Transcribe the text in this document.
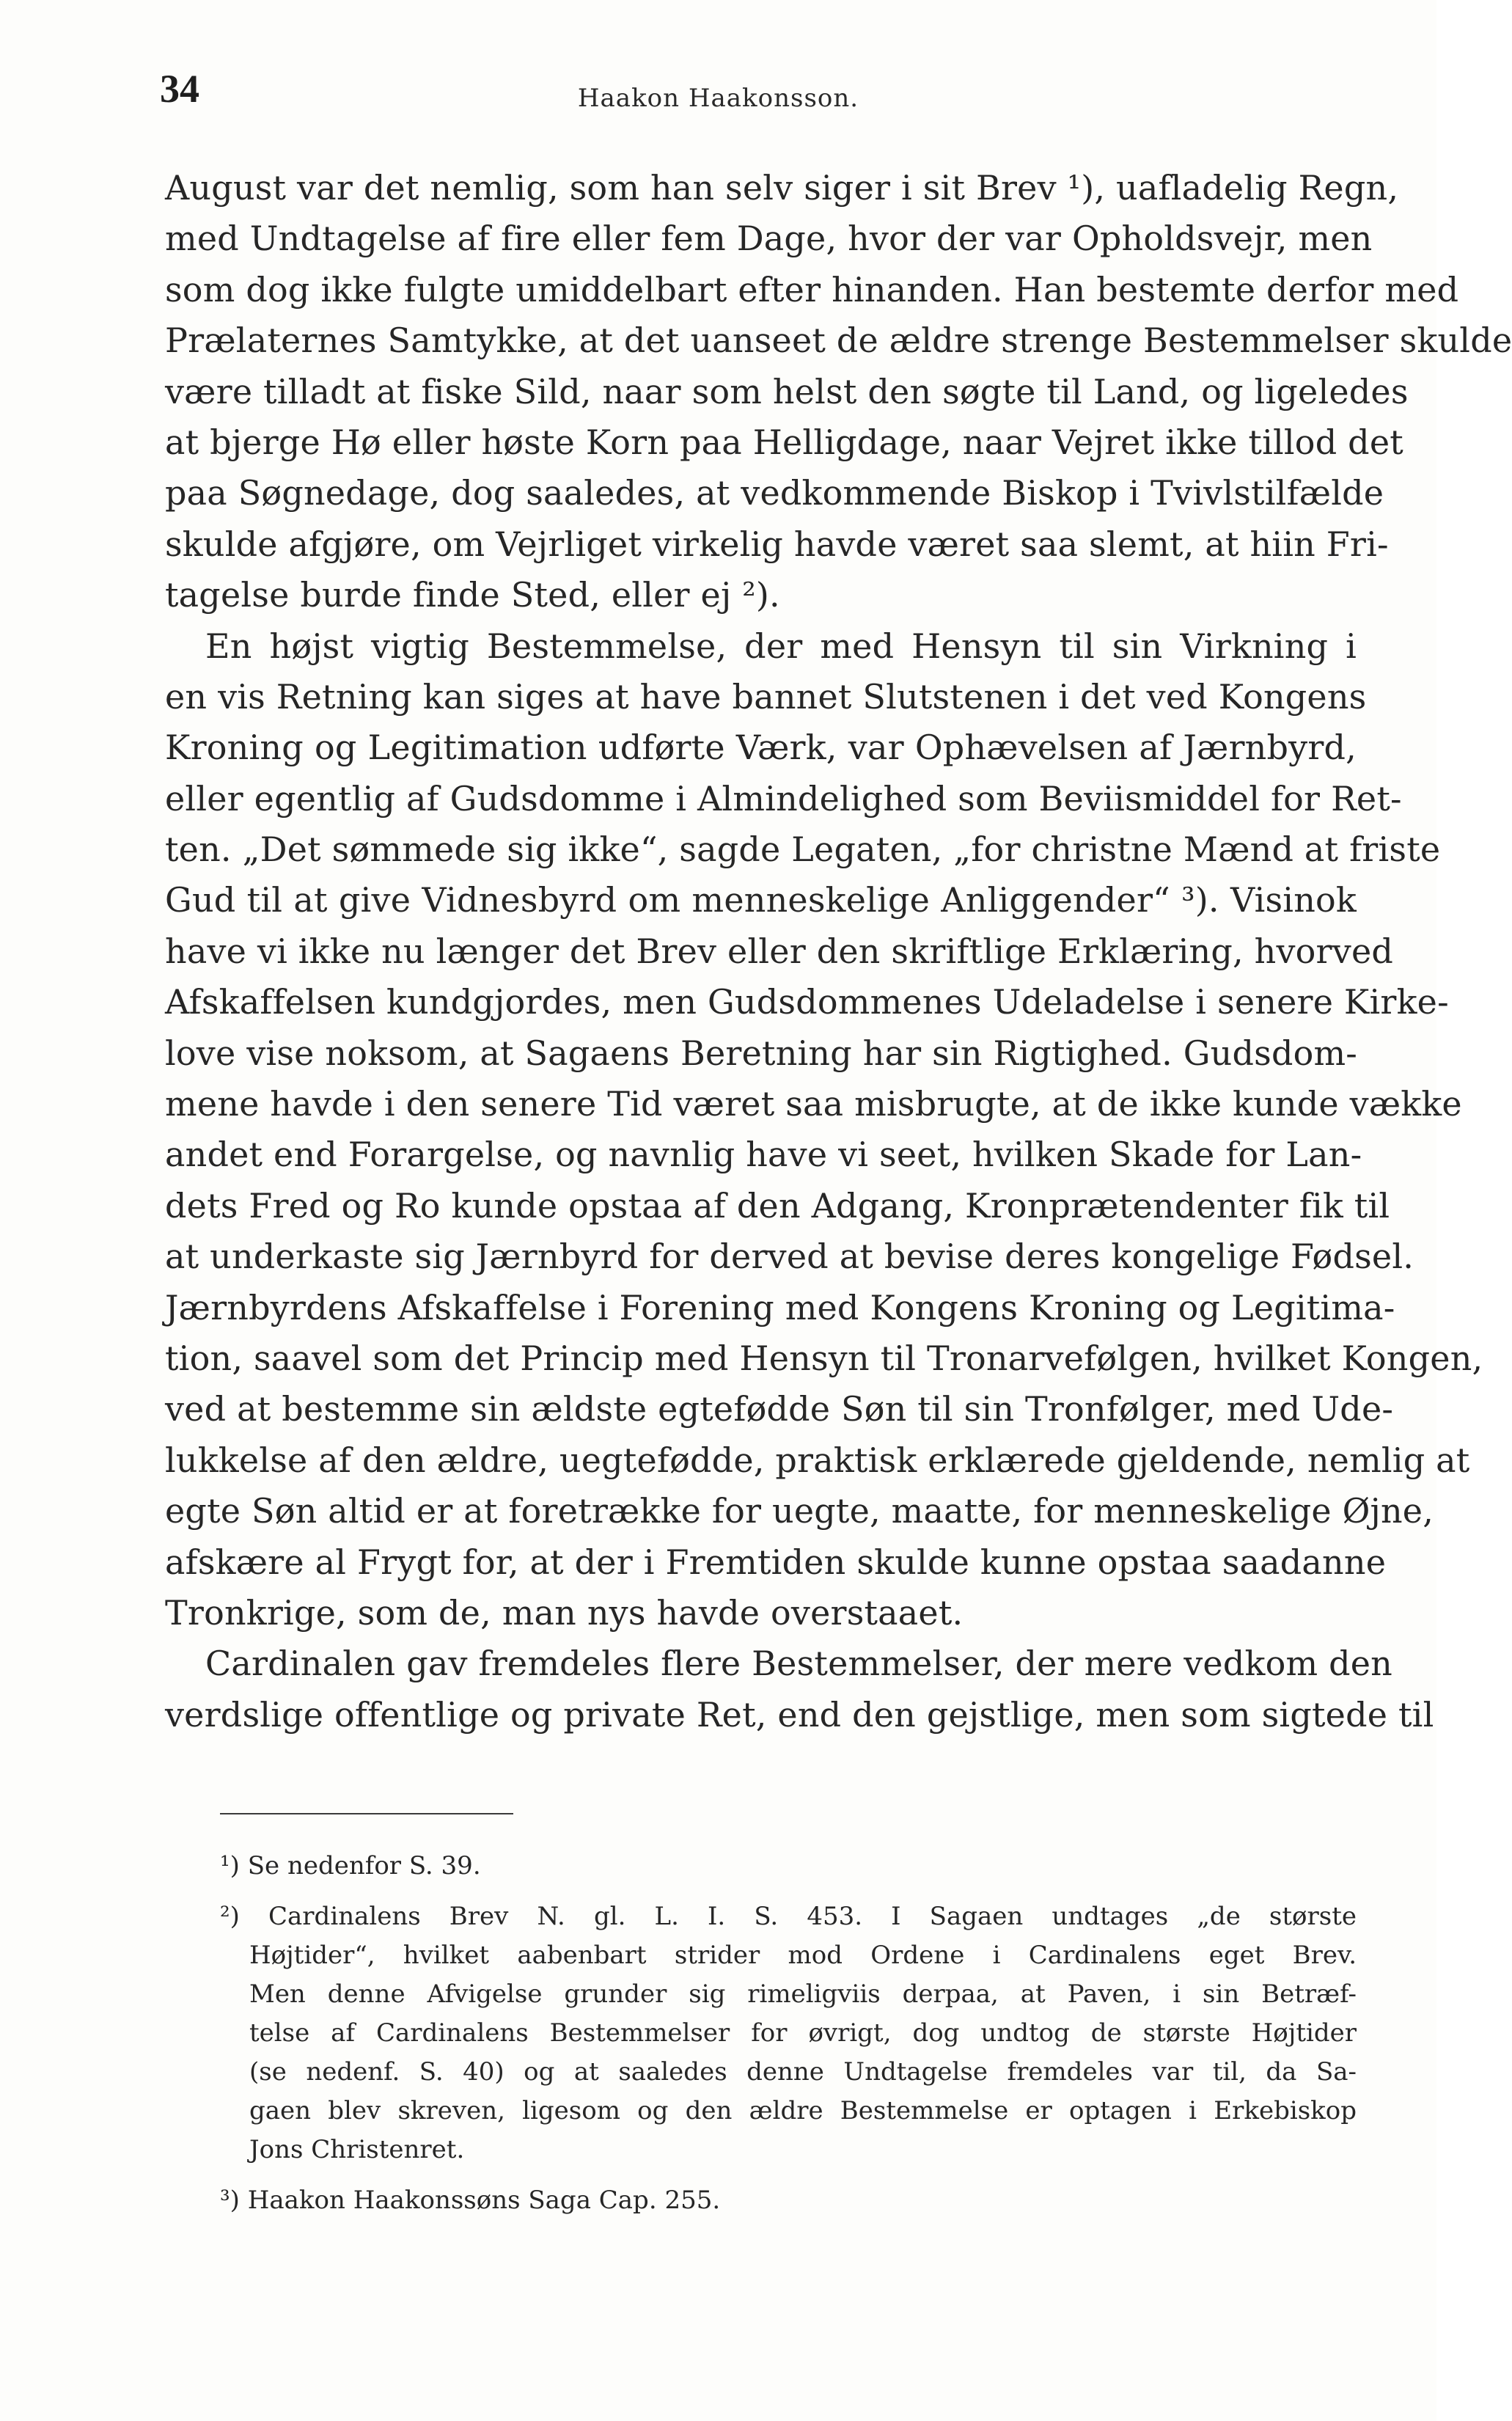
34	Haakon Haakonsson.
August var det nemlig, som han selv siger i sit Brev ¹), uafladelig Regn,
med Undtagelse af fire eller fem Dage, hvor der var Opholdsvejr, men
som dog ikke fulgte umiddelbart efter hinanden. Han bestemte derfor med
Prælaternes Samtykke, at det uanseet de ældre strenge Bestemmelser skulde
være tilladt at fiske Sild, naar som helst den søgte til Land, og ligeledes
at bjerge Hø eller høste Korn paa Helligdage, naar Vejret ikke tillod det
paa Søgnedage, dog saaledes, at vedkommende Biskop i Tvivlstilfælde
skulde afgjøre, om Vejrliget virkelig havde været saa slemt, at hiin Fri-
tagelse burde finde Sted, eller ej ²).
En højst vigtig Bestemmelse, der med Hensyn til sin Virkning i
en vis Retning kan siges at have bannet Slutstenen i det ved Kongens
Kroning og Legitimation udførte Værk, var Ophævelsen af Jærnbyrd,
eller egentlig af Gudsdomme i Almindelighed som Beviismiddel for Ret-
ten. „Det sømmede sig ikke“, sagde Legaten, „for christne Mænd at friste
Gud til at give Vidnesbyrd om menneskelige Anliggender“ ³). Visinok
have vi ikke nu længer det Brev eller den skriftlige Erklæring, hvorved
Afskaffelsen kundgjordes, men Gudsdommenes Udeladelse i senere Kirke-
love vise noksom, at Sagaens Beretning har sin Rigtighed. Gudsdom-
mene havde i den senere Tid været saa misbrugte, at de ikke kunde vække
andet end Forargelse, og navnlig have vi seet, hvilken Skade for Lan-
dets Fred og Ro kunde opstaa af den Adgang, Kronprætendenter fik til
at underkaste sig Jærnbyrd for derved at bevise deres kongelige Fødsel.
Jærnbyrdens Afskaffelse i Forening med Kongens Kroning og Legitima-
tion, saavel som det Princip med Hensyn til Tronarvefølgen, hvilket Kongen,
ved at bestemme sin ældste egtefødde Søn til sin Tronfølger, med Ude-
lukkelse af den ældre, uegtefødde, praktisk erklærede gjeldende, nemlig at
egte Søn altid er at foretrække for uegte, maatte, for menneskelige Øjne,
afskære al Frygt for, at der i Fremtiden skulde kunne opstaa saadanne
Tronkrige, som de, man nys havde overstaaet.
Cardinalen gav fremdeles flere Bestemmelser, der mere vedkom den
verdslige offentlige og private Ret, end den gejstlige, men som sigtede til
¹) Se nedenfor S. 39.
²) Cardinalens Brev N. gl. L. I. S. 453. I Sagaen undtages „de største
Højtider“, hvilket aabenbart strider mod Ordene i Cardinalens eget Brev.
Men denne Afvigelse grunder sig rimeligviis derpaa, at Paven, i sin Betræf-
telse af Cardinalens Bestemmelser for øvrigt, dog undtog de største Højtider
(se nedenf. S. 40) og at saaledes denne Undtagelse fremdeles var til, da Sa-
gaen blev skreven, ligesom og den ældre Bestemmelse er optagen i Erkebiskop
Jons Christenret.
³) Haakon Haakonssøns Saga Cap. 255.
